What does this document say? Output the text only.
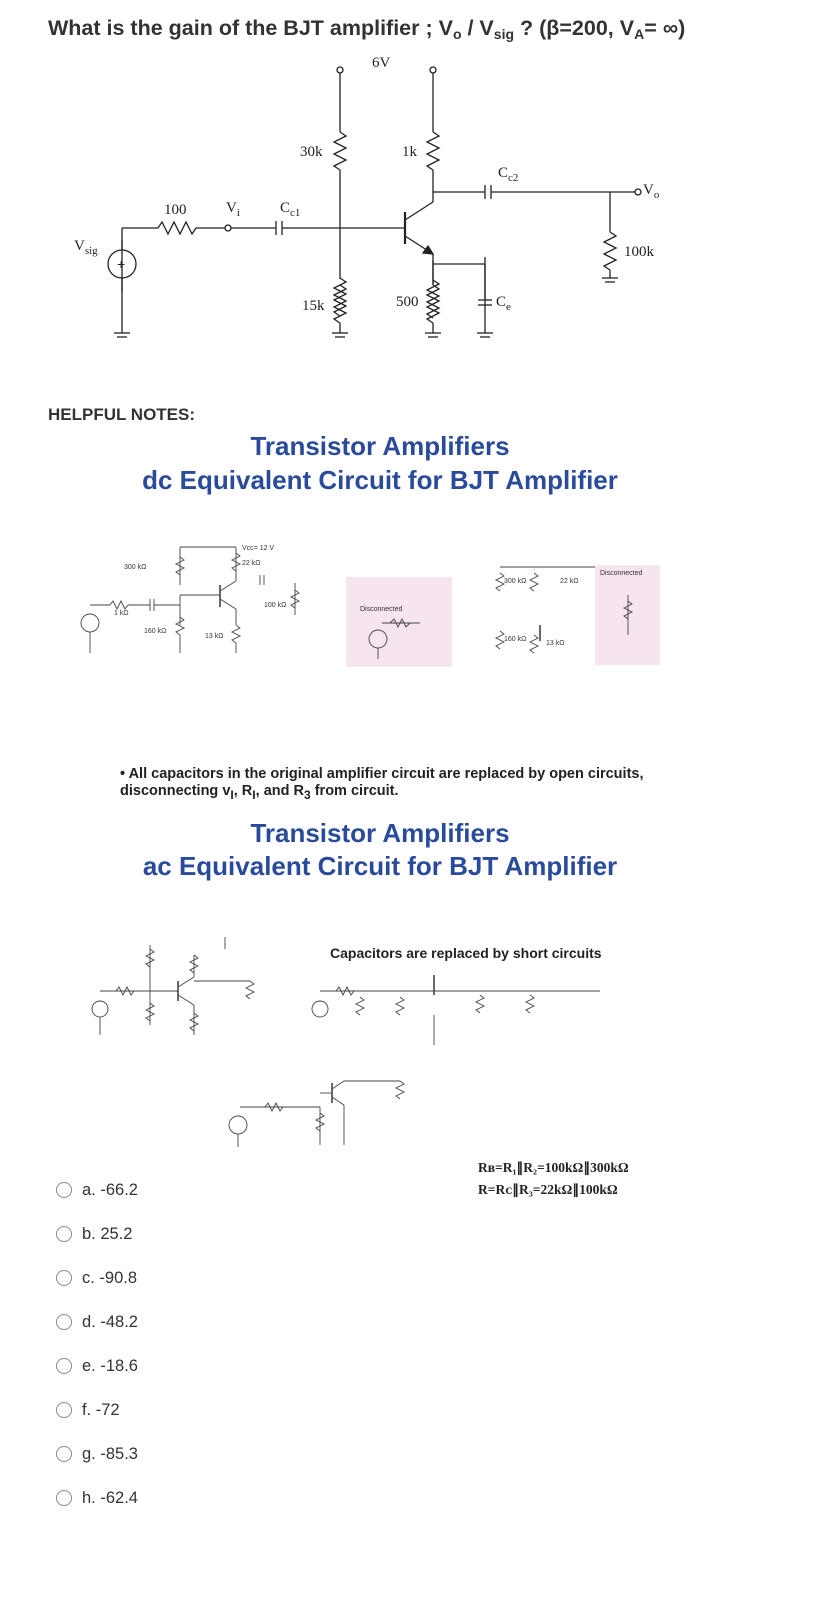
What is the gain of the BJT amplifier ; $V_o / V_{sig}$ ? (β=200, $V_A=$ ∞)
6V
30k	1k
$C_{c2}$
$V_o$
100k
500	$C_e$
$C_{c1}$
$V_i$
100
+
$V_{sig}$
15k
HELPFUL NOTES:
Transistor Amplifiers
dc Equivalent Circuit for BJT Amplifier
Vᴄᴄ= 12 V
300 kΩ
22 kΩ
13 kΩ
160 kΩ
1 kΩ
100 kΩ
Disconnected
300 kΩ	22 kΩ
160 kΩ
13 kΩ
Disconnected
• All capacitors in the original amplifier circuit are replaced by open circuits, disconnecting $v_I$, $R_I$, and $R_3$ from circuit.
Transistor Amplifiers
ac Equivalent Circuit for BJT Amplifier
Capacitors are replaced by short circuits
Rʙ=R₁∥R₂=100kΩ∥300kΩ
R=Rᴄ∥R₃=22kΩ∥100kΩ
a. -66.2
b. 25.2
c. -90.8
d. -48.2
e. -18.6
f. -72
g. -85.3
h. -62.4
